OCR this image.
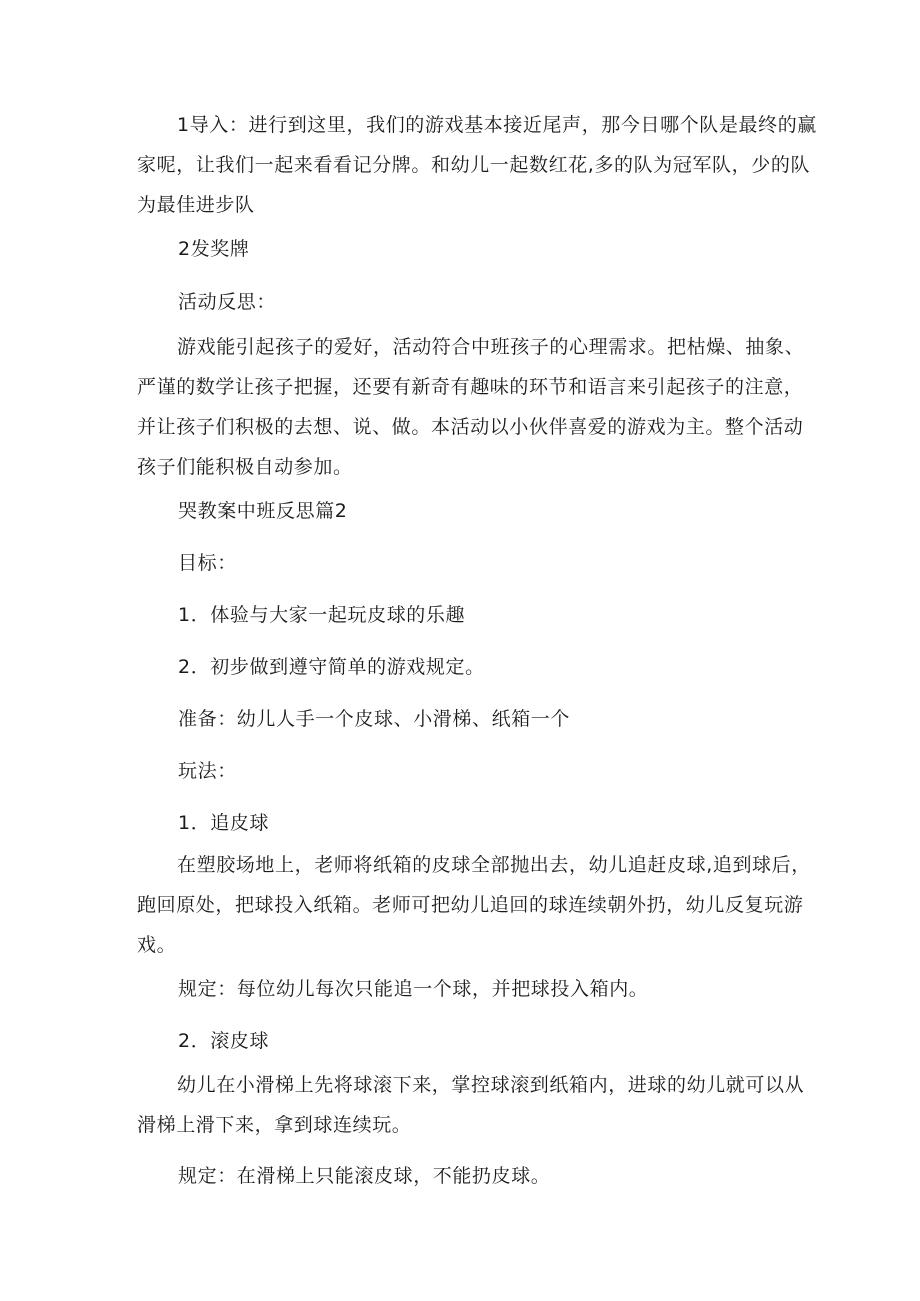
1导入：进行到这里，我们的游戏基本接近尾声，那今日哪个队是最终的赢家呢，让我们一起来看看记分牌。和幼儿一起数红花,多的队为冠军队，少的队为最佳进步队

2发奖牌

活动反思：

游戏能引起孩子的爱好，活动符合中班孩子的心理需求。把枯燥、抽象、严谨的数学让孩子把握，还要有新奇有趣味的环节和语言来引起孩子的注意，并让孩子们积极的去想、说、做。本活动以小伙伴喜爱的游戏为主。整个活动孩子们能积极自动参加。

哭教案中班反思篇2

目标：

1．体验与大家一起玩皮球的乐趣

2．初步做到遵守简单的游戏规定。

准备：幼儿人手一个皮球、小滑梯、纸箱一个

玩法：

1．追皮球

在塑胶场地上，老师将纸箱的皮球全部抛出去，幼儿追赶皮球,追到球后，跑回原处，把球投入纸箱。老师可把幼儿追回的球连续朝外扔，幼儿反复玩游戏。

规定：每位幼儿每次只能追一个球，并把球投入箱内。

2．滚皮球

幼儿在小滑梯上先将球滚下来，掌控球滚到纸箱内，进球的幼儿就可以从滑梯上滑下来，拿到球连续玩。

规定：在滑梯上只能滚皮球，不能扔皮球。
